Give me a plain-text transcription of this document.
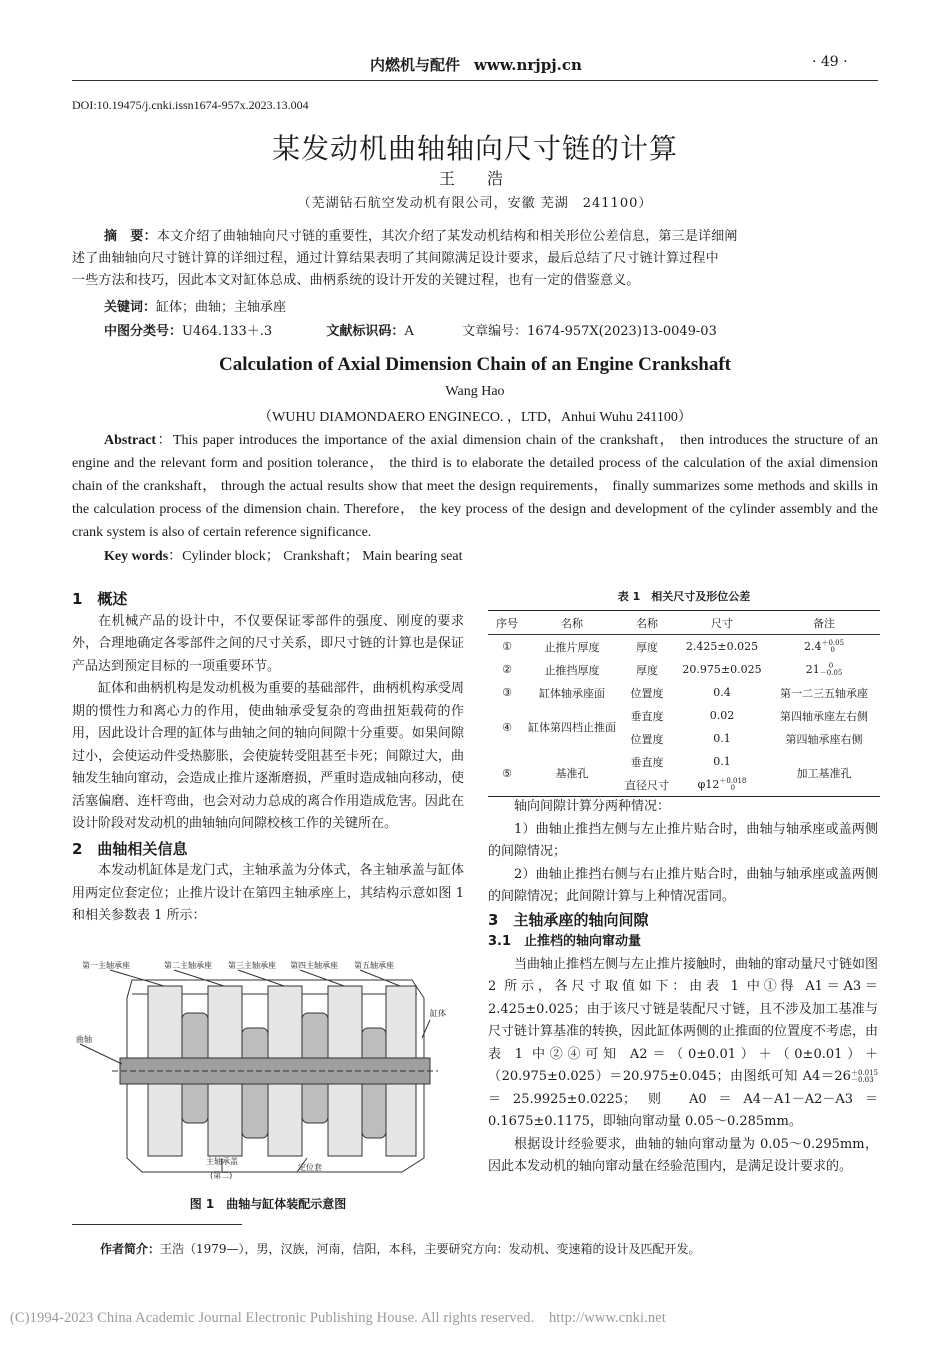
内燃机与配件 www.nrjpj.cn	· 49 ·
DOI:10.19475/j.cnki.issn1674-957x.2023.13.004
某发动机曲轴轴向尺寸链的计算
王　浩
（芜湖钻石航空发动机有限公司，安徽 芜湖　241100）
摘　要：本文介绍了曲轴轴向尺寸链的重要性，其次介绍了某发动机结构和相关形位公差信息，第三是详细阐
述了曲轴轴向尺寸链计算的详细过程，通过计算结果表明了其间隙满足设计要求，最后总结了尺寸链计算过程中
一些方法和技巧，因此本文对缸体总成、曲柄系统的设计开发的关键过程，也有一定的借鉴意义。
关键词：缸体；曲轴；主轴承座
中图分类号：U464.133＋.3	文献标识码：A	文章编号：1674-957X(2023)13-0049-03
Calculation of Axial Dimension Chain of an Engine Crankshaft
Wang Hao
（WUHU DIAMONDAERO ENGINECO. ，LTD，Anhui Wuhu 241100）
Abstract：This paper introduces the importance of the axial dimension chain of the crankshaft， then introduces the structure of an engine and the relevant form and position tolerance， the third is to elaborate the detailed process of the calculation of the axial dimension chain of the crankshaft， through the actual results show that meet the design requirements， finally summarizes some methods and skills in the calculation process of the dimension chain. Therefore， the key process of the design and development of the cylinder assembly and the crank system is also of certain reference significance.
Key words：Cylinder block； Crankshaft； Main bearing seat
1　概述
在机械产品的设计中，不仅要保证零部件的强度、刚度的要求外，合理地确定各零部件之间的尺寸关系，即尺寸链的计算也是保证产品达到预定目标的一项重要环节。
缸体和曲柄机构是发动机极为重要的基础部件，曲柄机构承受周期的惯性力和离心力的作用，使曲轴承受复杂的弯曲扭矩载荷的作用，因此设计合理的缸体与曲轴之间的轴向间隙十分重要。如果间隙过小，会使运动件受热膨胀，会使旋转受阻甚至卡死；间隙过大，曲轴发生轴向窜动，会造成止推片逐渐磨损，严重时造成轴向移动，使活塞偏磨、连杆弯曲，也会对动力总成的离合作用造成危害。因此在设计阶段对发动机的曲轴轴向间隙校核工作的关键所在。
2　曲轴相关信息
本发动机缸体是龙门式，主轴承盖为分体式，各主轴承盖与缸体用两定位套定位；止推片设计在第四主轴承座上，其结构示意如图 1 和相关参数表 1 所示：
第一主轴承座	第二主轴承座 第三主轴承座 第四主轴承座 第五轴承座
曲轴
缸体
主轴承盖
(第二)
定位套
图 1　曲轴与缸体装配示意图
表 1　相关尺寸及形位公差
序号	名称	名称	尺寸	备注
①	止推片厚度	厚度	2.425±0.025	2.4 ＋0.05
0

②	止推挡厚度	厚度	20.975±0.025	21 0
－0.05

③	缸体轴承座面	位置度	0.4	第一二三五轴承座
④	缸体第四档止推面	垂直度	0.02	第四轴承座左右侧
		位置度	0.1	第四轴承座右侧
⑤	基准孔	垂直度	0.1	加工基准孔
		直径尺寸	φ12 ＋0.018
0	
轴向间隙计算分两种情况：
1）曲轴止推挡左侧与左止推片贴合时，曲轴与轴承座或盖两侧的间隙情况；
2）曲轴止推挡右侧与右止推片贴合时，曲轴与轴承座或盖两侧的间隙情况；此间隙计算与上种情况雷同。
3　主轴承座的轴向间隙
3.1　止推档的轴向窜动量
当曲轴止推档左侧与左止推片接触时，曲轴的窜动量尺寸链如图 2 所示，各尺寸取值如下：由表 1 中①得 A1＝A3＝2.425±0.025；由于该尺寸链是装配尺寸链，且不涉及加工基准与尺寸链计算基准的转换，因此缸体两侧的止推面的位置度不考虑，由表 1 中②④可知 A2＝（0±0.01）＋（0±0.01）＋（20.975±0.025）＝20.975±0.045；由图纸可知 A4＝26 ＋0.015
－0.03
＝25.9925±0.0225；则 A0＝A4－A1－A2－A3＝0.1675±0.1175，即轴向窜动量 0.05～0.285mm。
根据设计经验要求，曲轴的轴向窜动量为 0.05～0.295mm，因此本发动机的轴向窜动量在经验范围内，是满足设计要求的。
作者简介：王浩（1979—），男，汉族，河南，信阳，本科，主要研究方向：发动机、变速箱的设计及匹配开发。
(C)1994-2023 China Academic Journal Electronic Publishing House. All rights reserved.　http://www.cnki.net
